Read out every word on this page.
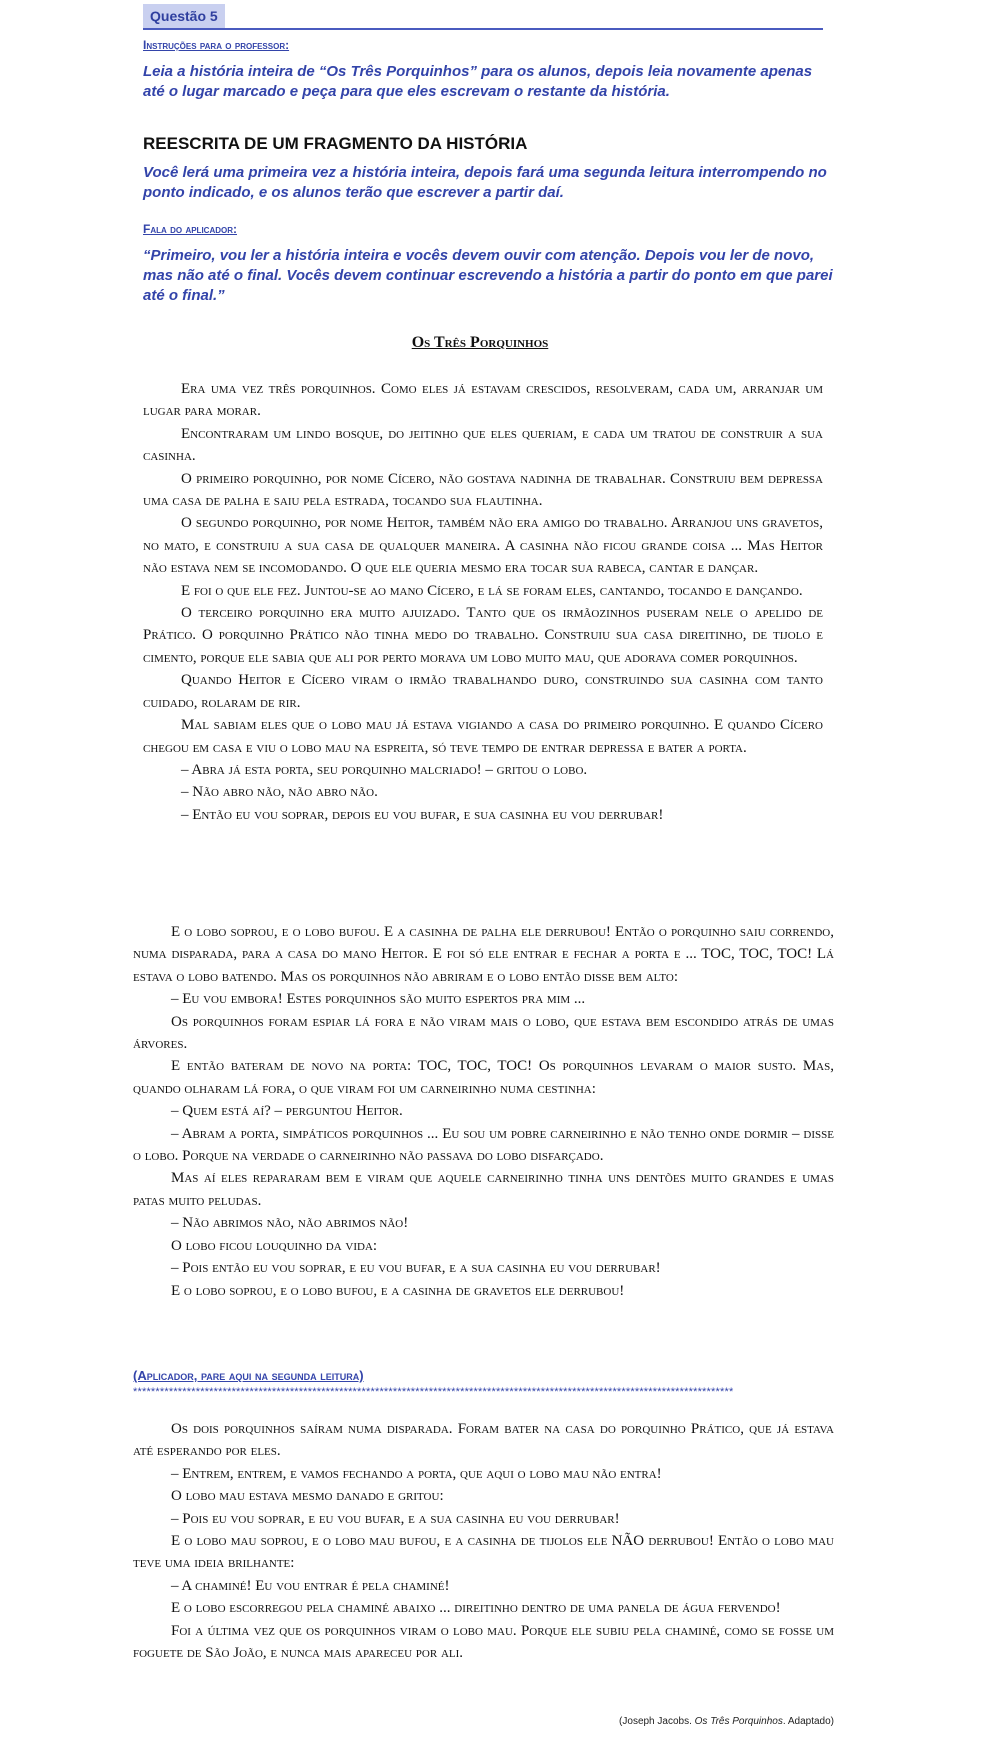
Questão 5
Instruções para o professor:
Leia a história inteira de “Os Três Porquinhos” para os alunos, depois leia novamente apenas até o lugar marcado e peça para que eles escrevam o restante da história.
REESCRITA DE UM FRAGMENTO DA HISTÓRIA
Você lerá uma primeira vez a história inteira, depois fará uma segunda leitura interrompendo no ponto indicado, e os alunos terão que escrever a partir daí.
Fala do aplicador:
“Primeiro, vou ler a história inteira e vocês devem ouvir com atenção. Depois vou ler de novo, mas não até o final. Vocês devem continuar escrevendo a história a partir do ponto em que parei até o final.”
Os Três Porquinhos

Era uma vez três porquinhos. Como eles já estavam crescidos, resolveram, cada um, arranjar um lugar para morar.

Encontraram um lindo bosque, do jeitinho que eles queriam, e cada um tratou de construir a sua casinha.

O primeiro porquinho, por nome Cícero, não gostava nadinha de trabalhar. Construiu bem depressa uma casa de palha e saiu pela estrada, tocando sua flautinha.

O segundo porquinho, por nome Heitor, também não era amigo do trabalho. Arranjou uns gravetos, no mato, e construiu a sua casa de qualquer maneira. A casinha não ficou grande coisa ... Mas Heitor não estava nem se incomodando. O que ele queria mesmo era tocar sua rabeca, cantar e dançar.

E foi o que ele fez. Juntou-se ao mano Cícero, e lá se foram eles, cantando, tocando e dançando.

O terceiro porquinho era muito ajuizado. Tanto que os irmãozinhos puseram nele o apelido de Prático. O porquinho Prático não tinha medo do trabalho. Construiu sua casa direitinho, de tijolo e cimento, porque ele sabia que ali por perto morava um lobo muito mau, que adorava comer porquinhos.

Quando Heitor e Cícero viram o irmão trabalhando duro, construindo sua casinha com tanto cuidado, rolaram de rir.

Mal sabiam eles que o lobo mau já estava vigiando a casa do primeiro porquinho. E quando Cícero chegou em casa e viu o lobo mau na espreita, só teve tempo de entrar depressa e bater a porta.

– Abra já esta porta, seu porquinho malcriado! – gritou o lobo.

– Não abro não, não abro não.

– Então eu vou soprar, depois eu vou bufar, e sua casinha eu vou derrubar!

E o lobo soprou, e o lobo bufou. E a casinha de palha ele derrubou! Então o porquinho saiu correndo, numa disparada, para a casa do mano Heitor. E foi só ele entrar e fechar a porta e ... TOC, TOC, TOC! Lá estava o lobo batendo. Mas os porquinhos não abriram e o lobo então disse bem alto:

– Eu vou embora! Estes porquinhos são muito espertos pra mim ...

Os porquinhos foram espiar lá fora e não viram mais o lobo, que estava bem escondido atrás de umas árvores.

E então bateram de novo na porta: TOC, TOC, TOC! Os porquinhos levaram o maior susto. Mas, quando olharam lá fora, o que viram foi um carneirinho numa cestinha:

– Quem está aí? – perguntou Heitor.

– Abram a porta, simpáticos porquinhos ... Eu sou um pobre carneirinho e não tenho onde dormir – disse o lobo. Porque na verdade o carneirinho não passava do lobo disfarçado.

Mas aí eles repararam bem e viram que aquele carneirinho tinha uns dentões muito grandes e umas patas muito peludas.

– Não abrimos não, não abrimos não!

O lobo ficou louquinho da vida:

– Pois então eu vou soprar, e eu vou bufar, e a sua casinha eu vou derrubar!

E o lobo soprou, e o lobo bufou, e a casinha de gravetos ele derrubou!

(Aplicador, pare aqui na segunda leitura)
**************************************************************************************************************************************

Os dois porquinhos saíram numa disparada. Foram bater na casa do porquinho Prático, que já estava até esperando por eles.

– Entrem, entrem, e vamos fechando a porta, que aqui o lobo mau não entra!

O lobo mau estava mesmo danado e gritou:

– Pois eu vou soprar, e eu vou bufar, e a sua casinha eu vou derrubar!

E o lobo mau soprou, e o lobo mau bufou, e a casinha de tijolos ele NÃO derrubou! Então o lobo mau teve uma ideia brilhante:

– A chaminé! Eu vou entrar é pela chaminé!

E o lobo escorregou pela chaminé abaixo ... direitinho dentro de uma panela de água fervendo!

Foi a última vez que os porquinhos viram o lobo mau. Porque ele subiu pela chaminé, como se fosse um foguete de São João, e nunca mais apareceu por ali.

(Joseph Jacobs. Os Três Porquinhos. Adaptado)
